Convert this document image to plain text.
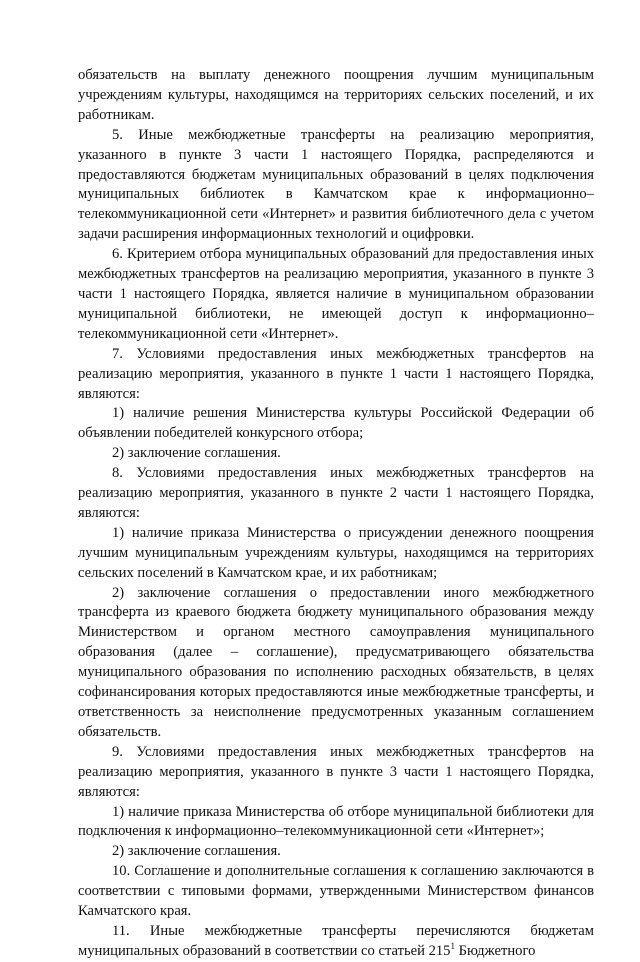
обязательств на выплату денежного поощрения лучшим муниципальным учреждениям культуры, находящимся на территориях сельских поселений, и их работникам.

5. Иные межбюджетные трансферты на реализацию мероприятия, указанного в пункте 3 части 1 настоящего Порядка, распределяются и предоставляются бюджетам муниципальных образований в целях подключения муниципальных библиотек в Камчатском крае к информационно–телекоммуникационной сети «Интернет» и развития библиотечного дела с учетом задачи расширения информационных технологий и оцифровки.

6. Критерием отбора муниципальных образований для предоставления иных межбюджетных трансфертов на реализацию мероприятия, указанного в пункте 3 части 1 настоящего Порядка, является наличие в муниципальном образовании муниципальной библиотеки, не имеющей доступ к информационно–телекоммуникационной сети «Интернет».

7. Условиями предоставления иных межбюджетных трансфертов на реализацию мероприятия, указанного в пункте 1 части 1 настоящего Порядка, являются:

1) наличие решения Министерства культуры Российской Федерации об объявлении победителей конкурсного отбора;

2) заключение соглашения.

8. Условиями предоставления иных межбюджетных трансфертов на реализацию мероприятия, указанного в пункте 2 части 1 настоящего Порядка, являются:

1) наличие приказа Министерства о присуждении денежного поощрения лучшим муниципальным учреждениям культуры, находящимся на территориях сельских поселений в Камчатском крае, и их работникам;

2) заключение соглашения о предоставлении иного межбюджетного трансферта из краевого бюджета бюджету муниципального образования между Министерством и органом местного самоуправления муниципального образования (далее – соглашение), предусматривающего обязательства муниципального образования по исполнению расходных обязательств, в целях софинансирования которых предоставляются иные межбюджетные трансферты, и ответственность за неисполнение предусмотренных указанным соглашением обязательств.

9. Условиями предоставления иных межбюджетных трансфертов на реализацию мероприятия, указанного в пункте 3 части 1 настоящего Порядка, являются:

1) наличие приказа Министерства об отборе муниципальной библиотеки для подключения к информационно–телекоммуникационной сети «Интернет»;

2) заключение соглашения.

10. Соглашение и дополнительные соглашения к соглашению заключаются в соответствии с типовыми формами, утвержденными Министерством финансов Камчатского края.

11. Иные межбюджетные трансферты перечисляются бюджетам муниципальных образований в соответствии со статьей $215^1$ Бюджетного
